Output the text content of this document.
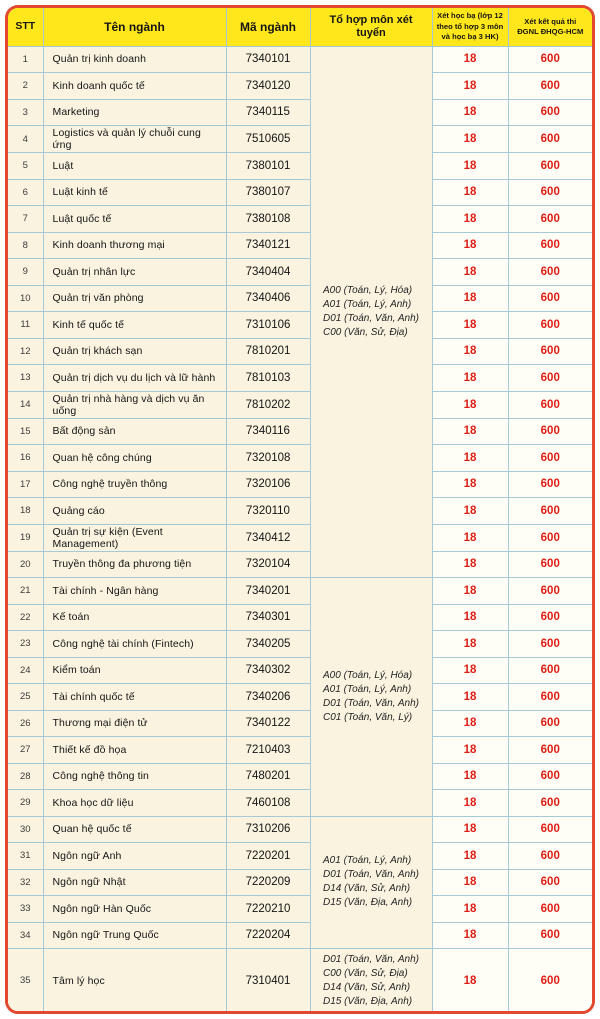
STT	Tên ngành	Mã ngành	Tổ hợp môn xét tuyển	Xét học bạ (lớp 12 theo tổ hợp 3 môn và học bạ 3 HK)	Xét kết quả thi ĐGNL ĐHQG-HCM
1	Quản trị kinh doanh	7340101	A00 (Toán, Lý, Hóa)
A01 (Toán, Lý, Anh)
D01 (Toán, Văn, Anh)
C00 (Văn, Sử, Địa)	18	600
2	Kinh doanh quốc tế	7340120		18	600
3	Marketing	7340115		18	600
4	Logistics và quản lý chuỗi cung ứng	7510605		18	600
5	Luật	7380101		18	600
6	Luật kinh tế	7380107		18	600
7	Luật quốc tế	7380108		18	600
8	Kinh doanh thương mại	7340121		18	600
9	Quản trị nhân lực	7340404		18	600
10	Quản trị văn phòng	7340406		18	600
11	Kinh tế quốc tế	7310106		18	600
12	Quản trị khách sạn	7810201		18	600
13	Quản trị dịch vụ du lịch và lữ hành	7810103		18	600
14	Quản trị nhà hàng và dịch vụ ăn uống	7810202		18	600
15	Bất động sản	7340116		18	600
16	Quan hệ công chúng	7320108		18	600
17	Công nghệ truyền thông	7320106		18	600
18	Quảng cáo	7320110		18	600
19	Quản trị sự kiện (Event Management)	7340412		18	600
20	Truyền thông đa phương tiện	7320104		18	600
21	Tài chính - Ngân hàng	7340201	A00 (Toán, Lý, Hóa)
A01 (Toán, Lý, Anh)
D01 (Toán, Văn, Anh)
C01 (Toán, Văn, Lý)	18	600
22	Kế toán	7340301		18	600
23	Công nghệ tài chính (Fintech)	7340205		18	600
24	Kiểm toán	7340302		18	600
25	Tài chính quốc tế	7340206		18	600
26	Thương mại điện tử	7340122		18	600
27	Thiết kế đồ họa	7210403		18	600
28	Công nghệ thông tin	7480201		18	600
29	Khoa học dữ liệu	7460108		18	600
30	Quan hệ quốc tế	7310206	A01 (Toán, Lý, Anh)
D01 (Toán, Văn, Anh)
D14 (Văn, Sử, Anh)
D15 (Văn, Địa, Anh)	18	600
31	Ngôn ngữ Anh	7220201		18	600
32	Ngôn ngữ Nhật	7220209		18	600
33	Ngôn ngữ Hàn Quốc	7220210		18	600
34	Ngôn ngữ Trung Quốc	7220204		18	600
35	Tâm lý học	7310401	D01 (Toán, Văn, Anh)
C00 (Văn, Sử, Địa)
D14 (Văn, Sử, Anh)
D15 (Văn, Địa, Anh)	18	600
